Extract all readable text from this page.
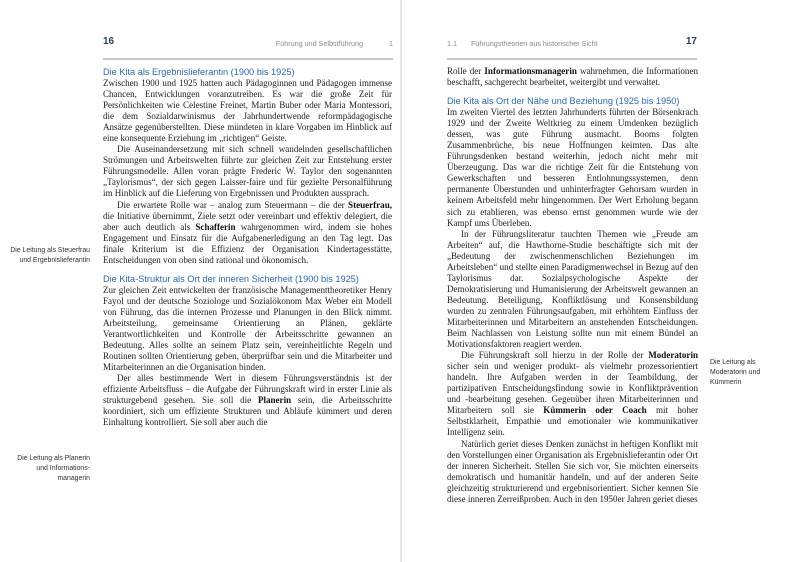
16	Führung und Selbstführung	1
Die Kita als Ergebnislieferantin (1900 bis 1925)

Zwischen 1900 und 1925 hatten auch Pädagoginnen und Pädagogen immense Chancen, Entwicklungen voranzutreiben. Es war die große Zeit für Persönlichkeiten wie Celestine Freinet, Martin Buber oder Maria Montessori, die dem Sozialdarwinismus der Jahrhundertwende reformpädagogische Ansätze gegenüberstellten. Diese mündeten in klare Vorgaben im Hinblick auf eine konsequente Erziehung im „richtigen“ Geiste.

Die Auseinandersetzung mit sich schnell wandelnden gesellschaftlichen Strömungen und Arbeitswelten führte zur gleichen Zeit zur Entstehung erster Führungsmodelle. Allen voran prägte Frederic W. Taylor den sogenannten „Taylorismus“, der sich gegen Laisser-faire und für gezielte Personalführung im Hinblick auf die Lieferung von Ergebnissen und Produkten aussprach.

Die erwartete Rolle war – analog zum Steuermann – die der Steuerfrau, die Initiative übernimmt, Ziele setzt oder vereinbart und effektiv delegiert, die aber auch deutlich als Schafferin wahrgenommen wird, indem sie hohes Engagement und Einsatz für die Aufgabenerledigung an den Tag legt. Das finale Kriterium ist die Effizienz der Organisation Kindertagesstätte, Entscheidungen von oben sind rational und ökonomisch.

Die Kita-Struktur als Ort der inneren Sicherheit (1900 bis 1925)

Zur gleichen Zeit entwickelten der französische Managementtheoretiker Henry Fayol und der deutsche Soziologe und Sozialökonom Max Weber ein Modell von Führung, das die internen Prozesse und Planungen in den Blick nimmt. Arbeitsteilung, gemeinsame Orientierung an Plänen, geklärte Verantwortlichkeiten und Kontrolle der Arbeitsschritte gewannen an Bedeutung. Alles sollte an seinem Platz sein, vereinheitlichte Regeln und Routinen sollten Orientierung geben, überprüfbar sein und die Mitarbeiter und Mitarbeiterinnen an die Organisation binden.

Der alles bestimmende Wert in diesem Führungsverständnis ist der effiziente Arbeitsfluss – die Aufgabe der Führungskraft wird in erster Linie als strukturgebend gesehen. Sie soll die Planerin sein, die Arbeitsschritte koordiniert, sich um effiziente Strukturen und Abläufe kümmert und deren Einhaltung kontrolliert. Sie soll aber auch die

Die Leitung als Steuerfrau und Ergebnislieferantin
Die Leitung als Planerin und Informations-managerin
1.1 Führungstheorien aus historischer Sicht	17

Rolle der Informationsmanagerin wahrnehmen, die Informationen beschafft, sachgerecht bearbeitet, weitergibt und verwaltet.

Die Kita als Ort der Nähe und Beziehung (1925 bis 1950)

Im zweiten Viertel des letzten Jahrhunderts führten der Börsenkrach 1929 und der Zweite Weltkrieg zu einem Umdenken bezüglich dessen, was gute Führung ausmacht. Booms folgten Zusammenbrüche, bis neue Hoffnungen keimten. Das alte Führungsdenken bestand weiterhin, jedoch nicht mehr mit Überzeugung. Das war die richtige Zeit für die Entstehung von Gewerkschaften und besseren Entlohnungssystemen, denn permanente Überstunden und unhinterfragter Gehorsam wurden in keinem Arbeitsfeld mehr hingenommen. Der Wert Erholung begann sich zu etablieren, was ebenso ernst genommen wurde wie der Kampf ums Überleben.

In der Führungsliteratur tauchten Themen wie „Freude am Arbeiten“ auf, die Hawthorne-Studie beschäftigte sich mit der „Bedeutung der zwischenmenschlichen Beziehungen im Arbeitsleben“ und stellte einen Paradigmenwechsel in Bezug auf den Taylorismus dar. Sozialpsychologische Aspekte der Demokratisierung und Humanisierung der Arbeitswelt gewannen an Bedeutung. Beteiligung, Konfliktlösung und Konsensbildung wurden zu zentralen Führungsaufgaben, mit erhöhtem Einfluss der Mitarbeiterinnen und Mitarbeitern an anstehenden Entscheidungen. Beim Nachlassen von Leistung sollte nun mit einem Bündel an Motivationsfaktoren reagiert werden.

Die Führungskraft soll hierzu in der Rolle der Moderatorin sicher sein und weniger produkt- als vielmehr prozessorientiert handeln. Ihre Aufgaben werden in der Teambildung, der partizipativen Entscheidungsfindung sowie in Konfliktprävention und -bearbeitung gesehen. Gegenüber ihren Mitarbeiterinnen und Mitarbeitern soll sie Kümmerin oder Coach mit hoher Selbstklarheit, Empathie und emotionaler wie kommunikativer Intelligenz sein.

Natürlich geriet dieses Denken zunächst in heftigen Konflikt mit den Vorstellungen einer Organisation als Ergebnislieferantin oder Ort der inneren Sicherheit. Stellen Sie sich vor, Sie möchten einerseits demokratisch und humanitär handeln, und auf der anderen Seite gleichzeitig strukturierend und ergebnisorientiert. Sicher kennen Sie diese inneren Zerreißproben. Auch in den 1950er Jahren geriet dieses

Die Leitung als Moderatorin und Kümmerin
